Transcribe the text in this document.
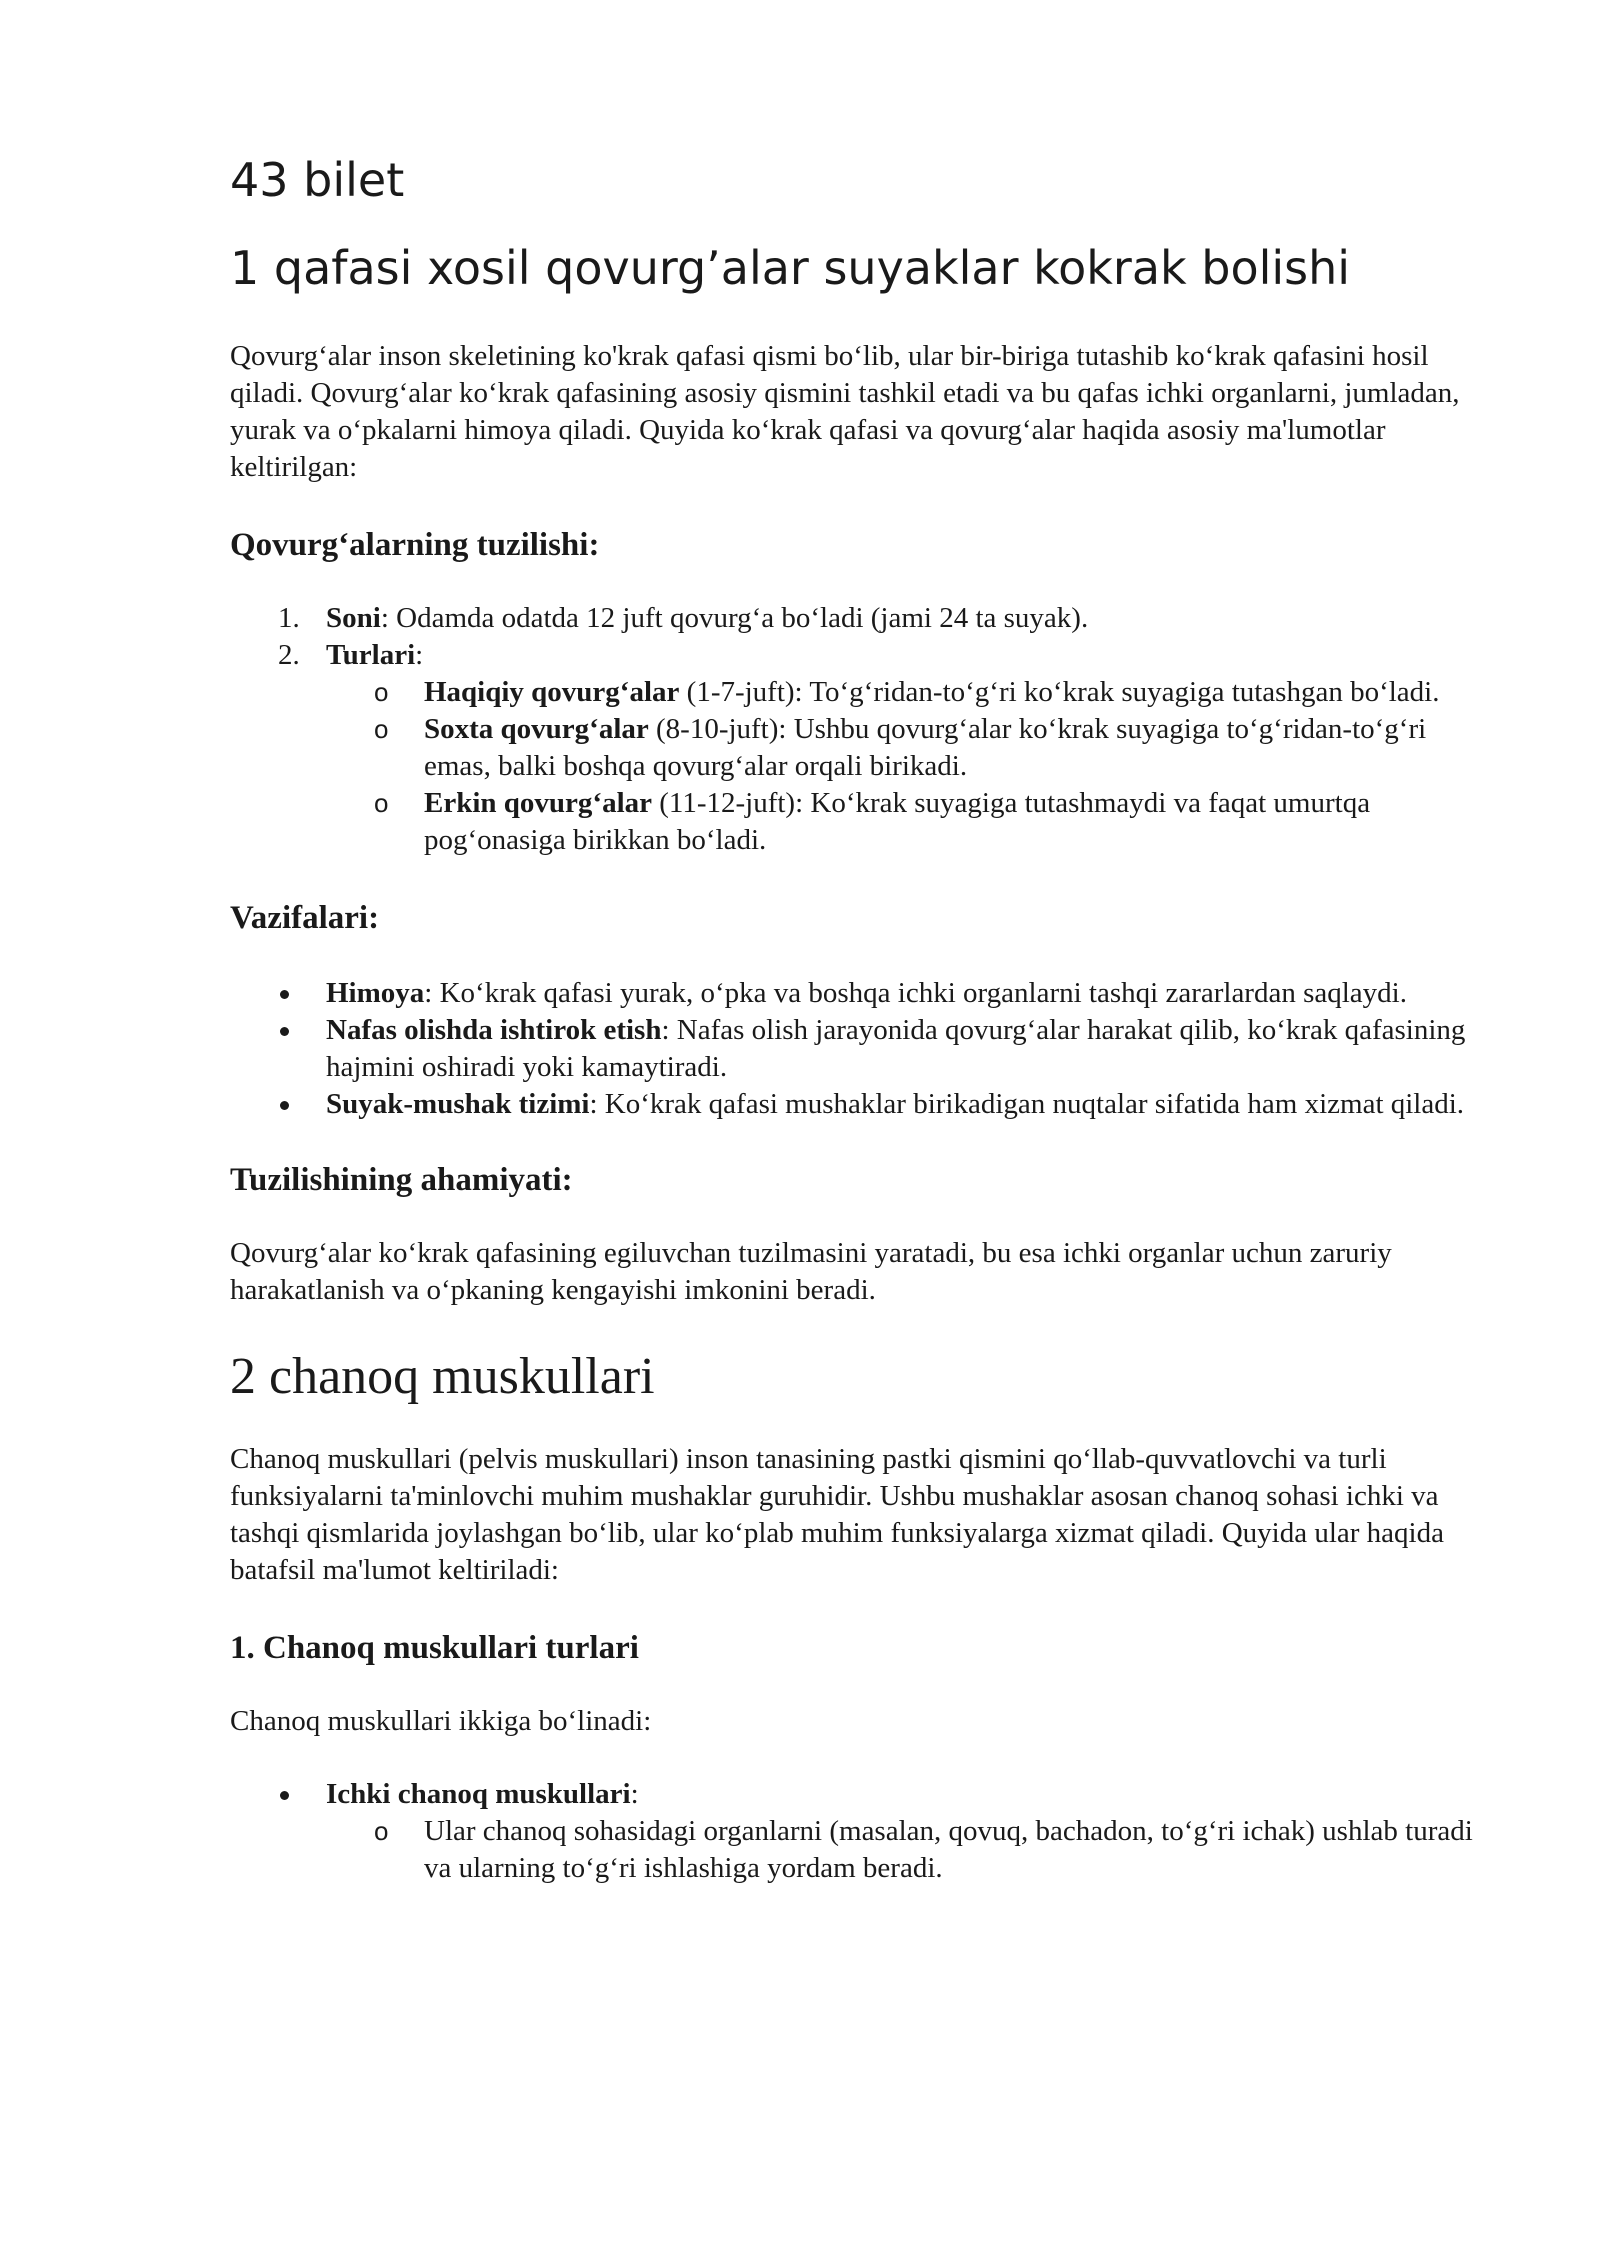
43 bilet
1 qafasi xosil qovurg’alar suyaklar kokrak bolishi

Qovurg‘alar inson skeletining ko'krak qafasi qismi bo‘lib, ular bir-biriga tutashib ko‘krak qafasini hosil qiladi. Qovurg‘alar ko‘krak qafasining asosiy qismini tashkil etadi va bu qafas ichki organlarni, jumladan, yurak va o‘pkalarni himoya qiladi. Quyida ko‘krak qafasi va qovurg‘alar haqida asosiy ma'lumotlar keltirilgan:

Qovurg‘alarning tuzilishi:
1. Soni: Odamda odatda 12 juft qovurg‘a bo‘ladi (jami 24 ta suyak).
2. Turlari:
o Haqiqiy qovurg‘alar (1-7-juft): To‘g‘ridan-to‘g‘ri ko‘krak suyagiga tutashgan bo‘ladi.
o Soxta qovurg‘alar (8-10-juft): Ushbu qovurg‘alar ko‘krak suyagiga to‘g‘ridan-to‘g‘ri emas, balki boshqa qovurg‘alar orqali birikadi.
o Erkin qovurg‘alar (11-12-juft): Ko‘krak suyagiga tutashmaydi va faqat umurtqa pog‘onasiga birikkan bo‘ladi.
Vazifalari:
Himoya: Ko‘krak qafasi yurak, o‘pka va boshqa ichki organlarni tashqi zararlardan saqlaydi.
Nafas olishda ishtirok etish: Nafas olish jarayonida qovurg‘alar harakat qilib, ko‘krak qafasining hajmini oshiradi yoki kamaytiradi.
Suyak-mushak tizimi: Ko‘krak qafasi mushaklar birikadigan nuqtalar sifatida ham xizmat qiladi.
Tuzilishining ahamiyati:

Qovurg‘alar ko‘krak qafasining egiluvchan tuzilmasini yaratadi, bu esa ichki organlar uchun zaruriy harakatlanish va o‘pkaning kengayishi imkonini beradi.

2 chanoq muskullari

Chanoq muskullari (pelvis muskullari) inson tanasining pastki qismini qo‘llab-quvvatlovchi va turli funksiyalarni ta'minlovchi muhim mushaklar guruhidir. Ushbu mushaklar asosan chanoq sohasi ichki va tashqi qismlarida joylashgan bo‘lib, ular ko‘plab muhim funksiyalarga xizmat qiladi. Quyida ular haqida batafsil ma'lumot keltiriladi:

1. Chanoq muskullari turlari

Chanoq muskullari ikkiga bo‘linadi:

Ichki chanoq muskullari:
o Ular chanoq sohasidagi organlarni (masalan, qovuq, bachadon, to‘g‘ri ichak) ushlab turadi va ularning to‘g‘ri ishlashiga yordam beradi.
